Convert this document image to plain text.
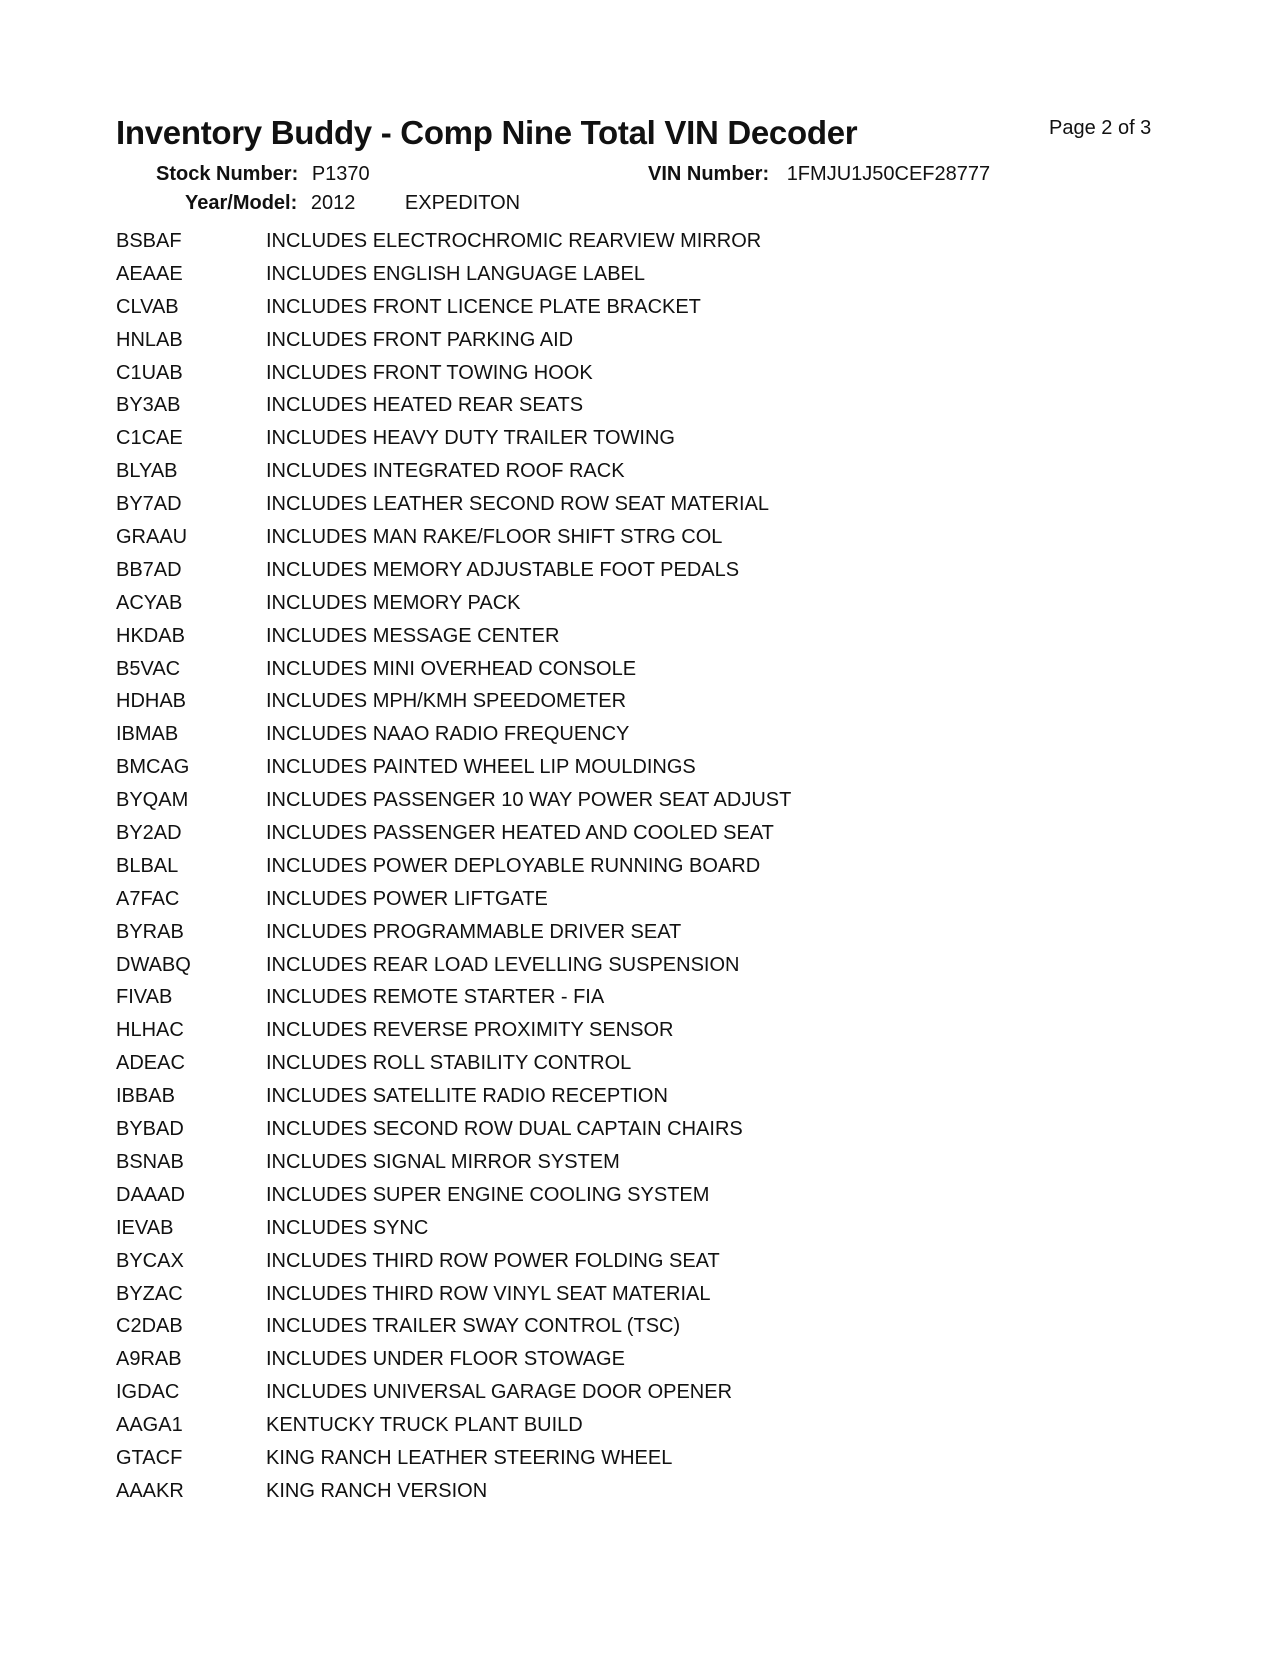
Inventory Buddy - Comp Nine Total VIN Decoder	Page 2 of 3
Stock Number: P1370	VIN Number: 1FMJU1J50CEF28777
Year/Model: 2012 EXPEDITON
BSBAF	INCLUDES ELECTROCHROMIC REARVIEW MIRROR
AEAAE	INCLUDES ENGLISH LANGUAGE LABEL
CLVAB	INCLUDES FRONT LICENCE PLATE BRACKET
HNLAB	INCLUDES FRONT PARKING AID
C1UAB	INCLUDES FRONT TOWING HOOK
BY3AB	INCLUDES HEATED REAR SEATS
C1CAE	INCLUDES HEAVY DUTY TRAILER TOWING
BLYAB	INCLUDES INTEGRATED ROOF RACK
BY7AD	INCLUDES LEATHER SECOND ROW SEAT MATERIAL
GRAAU	INCLUDES MAN RAKE/FLOOR SHIFT STRG COL
BB7AD	INCLUDES MEMORY ADJUSTABLE FOOT PEDALS
ACYAB	INCLUDES MEMORY PACK
HKDAB	INCLUDES MESSAGE CENTER
B5VAC	INCLUDES MINI OVERHEAD CONSOLE
HDHAB	INCLUDES MPH/KMH SPEEDOMETER
IBMAB	INCLUDES NAAO RADIO FREQUENCY
BMCAG	INCLUDES PAINTED WHEEL LIP MOULDINGS
BYQAM	INCLUDES PASSENGER 10 WAY POWER SEAT ADJUST
BY2AD	INCLUDES PASSENGER HEATED AND COOLED SEAT
BLBAL	INCLUDES POWER DEPLOYABLE RUNNING BOARD
A7FAC	INCLUDES POWER LIFTGATE
BYRAB	INCLUDES PROGRAMMABLE DRIVER SEAT
DWABQ	INCLUDES REAR LOAD LEVELLING SUSPENSION
FIVAB	INCLUDES REMOTE STARTER - FIA
HLHAC	INCLUDES REVERSE PROXIMITY SENSOR
ADEAC	INCLUDES ROLL STABILITY CONTROL
IBBAB	INCLUDES SATELLITE RADIO RECEPTION
BYBAD	INCLUDES SECOND ROW DUAL CAPTAIN CHAIRS
BSNAB	INCLUDES SIGNAL MIRROR SYSTEM
DAAAD	INCLUDES SUPER ENGINE COOLING SYSTEM
IEVAB	INCLUDES SYNC
BYCAX	INCLUDES THIRD ROW POWER FOLDING SEAT
BYZAC	INCLUDES THIRD ROW VINYL SEAT MATERIAL
C2DAB	INCLUDES TRAILER SWAY CONTROL (TSC)
A9RAB	INCLUDES UNDER FLOOR STOWAGE
IGDAC	INCLUDES UNIVERSAL GARAGE DOOR OPENER
AAGA1	KENTUCKY TRUCK PLANT BUILD
GTACF	KING RANCH LEATHER STEERING WHEEL
AAAKR	KING RANCH VERSION
